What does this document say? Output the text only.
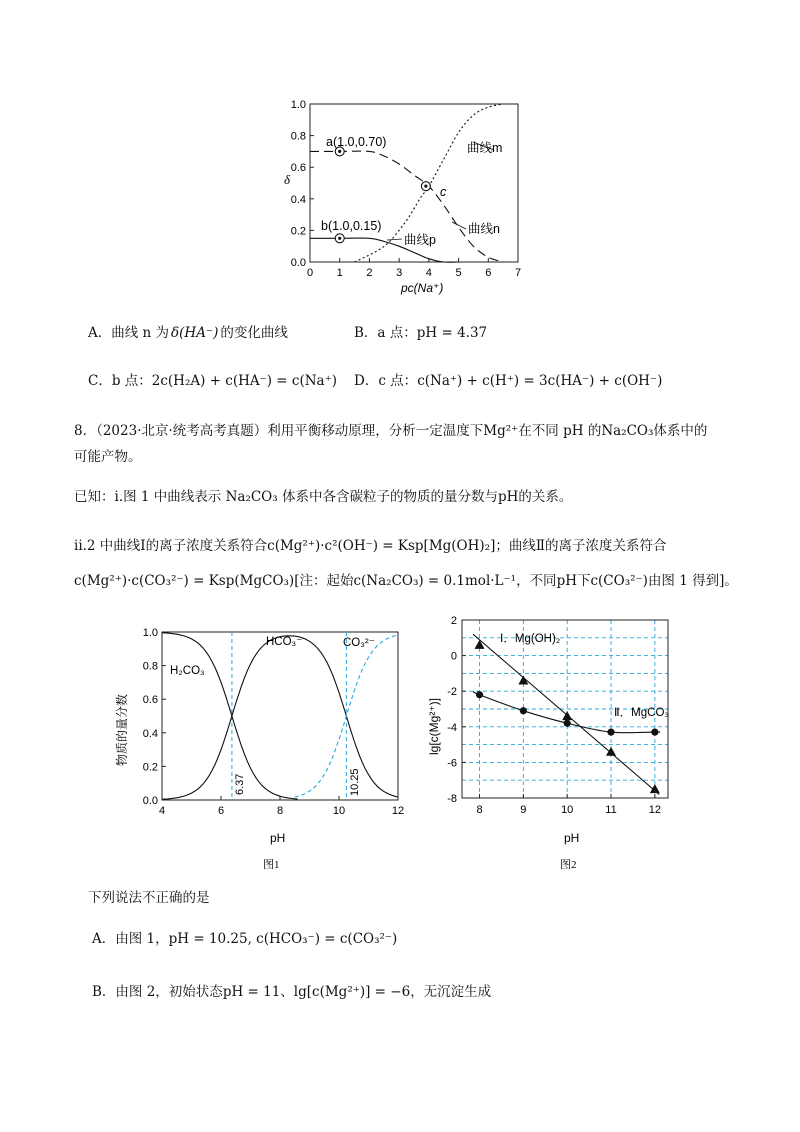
0 1 2 3 4 5 6 7
0.0
0.2
0.4
0.6
0.8
1.0
δ
pc(Na⁺)
a(1.0,0.70)
b(1.0,0.15)
c
曲线m
曲线n
曲线p
A．曲线 n 为 δ(HA⁻) 的变化曲线	B．a 点：pH = 4.37
C．b 点：2c(H₂A) + c(HA⁻) = c(Na⁺) D．c 点：c(Na⁺) + c(H⁺) = 3c(HA⁻) + c(OH⁻)
8．（2023·北京·统考高考真题）利用平衡移动原理，分析一定温度下Mg²⁺在不同 pH 的Na₂CO₃体系中的
可能产物。
已知：i.图 1 中曲线表示 Na₂CO₃ 体系中各含碳粒子的物质的量分数与pH的关系。
ii.2 中曲线Ⅰ的离子浓度关系符合c(Mg²⁺)·c²(OH⁻) = Ksp[Mg(OH)₂]；曲线Ⅱ的离子浓度关系符合
c(Mg²⁺)·c(CO₃²⁻) = Ksp(MgCO₃)[注：起始c(Na₂CO₃) = 0.1mol·L⁻¹，不同pH下c(CO₃²⁻)由图 1 得到]。
4	6	8	10	12
0.0
0.2
0.4
0.6
0.8
1.0
物质的量分数
pH
图1
H₂CO₃
HCO₃⁻	CO₃²⁻
6.37	10.25
8	9	10	11	12
2
0
-2
-4
-6
-8
lg[c(Mg²⁺)]
pH
图2
Ⅰ．Mg(OH)₂
Ⅱ．MgCO₃
下列说法不正确的是
A．由图 1，pH = 10.25, c(HCO₃⁻) = c(CO₃²⁻)
B．由图 2，初始状态pH = 11、lg[c(Mg²⁺)] = −6，无沉淀生成
